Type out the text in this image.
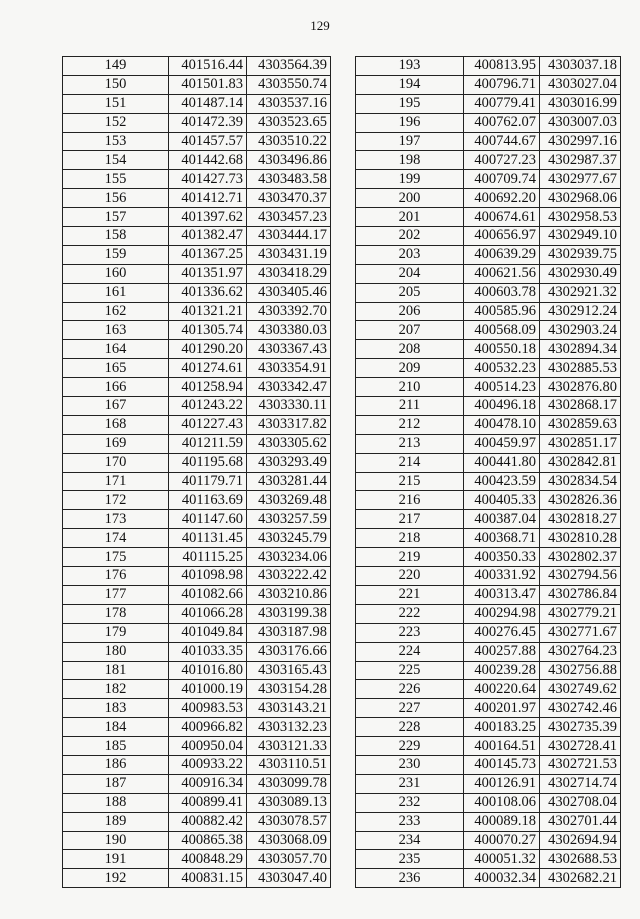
129
149	401516.44	4303564.39
150	401501.83	4303550.74
151	401487.14	4303537.16
152	401472.39	4303523.65
153	401457.57	4303510.22
154	401442.68	4303496.86
155	401427.73	4303483.58
156	401412.71	4303470.37
157	401397.62	4303457.23
158	401382.47	4303444.17
159	401367.25	4303431.19
160	401351.97	4303418.29
161	401336.62	4303405.46
162	401321.21	4303392.70
163	401305.74	4303380.03
164	401290.20	4303367.43
165	401274.61	4303354.91
166	401258.94	4303342.47
167	401243.22	4303330.11
168	401227.43	4303317.82
169	401211.59	4303305.62
170	401195.68	4303293.49
171	401179.71	4303281.44
172	401163.69	4303269.48
173	401147.60	4303257.59
174	401131.45	4303245.79
175	401115.25	4303234.06
176	401098.98	4303222.42
177	401082.66	4303210.86
178	401066.28	4303199.38
179	401049.84	4303187.98
180	401033.35	4303176.66
181	401016.80	4303165.43
182	401000.19	4303154.28
183	400983.53	4303143.21
184	400966.82	4303132.23
185	400950.04	4303121.33
186	400933.22	4303110.51
187	400916.34	4303099.78
188	400899.41	4303089.13
189	400882.42	4303078.57
190	400865.38	4303068.09
191	400848.29	4303057.70
192	400831.15	4303047.40
193	400813.95	4303037.18
194	400796.71	4303027.04
195	400779.41	4303016.99
196	400762.07	4303007.03
197	400744.67	4302997.16
198	400727.23	4302987.37
199	400709.74	4302977.67
200	400692.20	4302968.06
201	400674.61	4302958.53
202	400656.97	4302949.10
203	400639.29	4302939.75
204	400621.56	4302930.49
205	400603.78	4302921.32
206	400585.96	4302912.24
207	400568.09	4302903.24
208	400550.18	4302894.34
209	400532.23	4302885.53
210	400514.23	4302876.80
211	400496.18	4302868.17
212	400478.10	4302859.63
213	400459.97	4302851.17
214	400441.80	4302842.81
215	400423.59	4302834.54
216	400405.33	4302826.36
217	400387.04	4302818.27
218	400368.71	4302810.28
219	400350.33	4302802.37
220	400331.92	4302794.56
221	400313.47	4302786.84
222	400294.98	4302779.21
223	400276.45	4302771.67
224	400257.88	4302764.23
225	400239.28	4302756.88
226	400220.64	4302749.62
227	400201.97	4302742.46
228	400183.25	4302735.39
229	400164.51	4302728.41
230	400145.73	4302721.53
231	400126.91	4302714.74
232	400108.06	4302708.04
233	400089.18	4302701.44
234	400070.27	4302694.94
235	400051.32	4302688.53
236	400032.34	4302682.21
